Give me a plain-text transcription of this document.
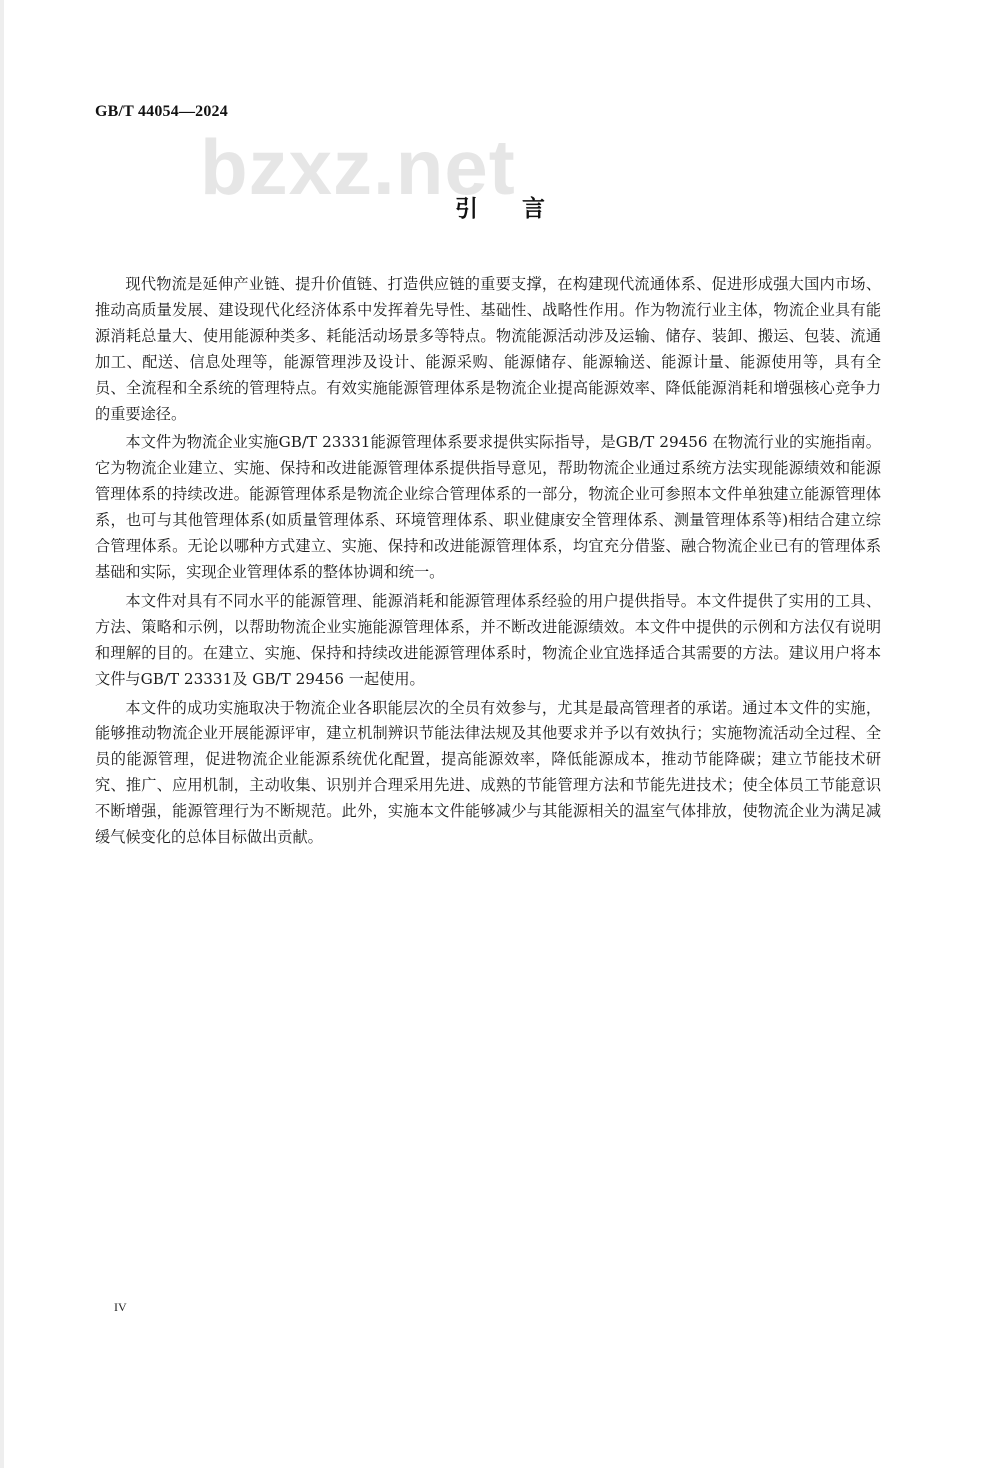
GB/T 44054—2024
bzxz.net
引言

现代物流是延伸产业链、提升价值链、打造供应链的重要支撑，在构建现代流通体系、促进形成强大国内市场、推动高质量发展、建设现代化经济体系中发挥着先导性、基础性、战略性作用。作为物流行业主体，物流企业具有能源消耗总量大、使用能源种类多、耗能活动场景多等特点。物流能源活动涉及运输、储存、装卸、搬运、包装、流通加工、配送、信息处理等，能源管理涉及设计、能源采购、能源储存、能源输送、能源计量、能源使用等，具有全员、全流程和全系统的管理特点。有效实施能源管理体系是物流企业提高能源效率、降低能源消耗和增强核心竞争力的重要途径。

本文件为物流企业实施GB/T 23331能源管理体系要求提供实际指导，是GB/T 29456 在物流行业的实施指南。它为物流企业建立、实施、保持和改进能源管理体系提供指导意见，帮助物流企业通过系统方法实现能源绩效和能源管理体系的持续改进。能源管理体系是物流企业综合管理体系的一部分，物流企业可参照本文件单独建立能源管理体系，也可与其他管理体系(如质量管理体系、环境管理体系、职业健康安全管理体系、测量管理体系等)相结合建立综合管理体系。无论以哪种方式建立、实施、保持和改进能源管理体系，均宜充分借鉴、融合物流企业已有的管理体系基础和实际，实现企业管理体系的整体协调和统一。

本文件对具有不同水平的能源管理、能源消耗和能源管理体系经验的用户提供指导。本文件提供了实用的工具、方法、策略和示例，以帮助物流企业实施能源管理体系，并不断改进能源绩效。本文件中提供的示例和方法仅有说明和理解的目的。在建立、实施、保持和持续改进能源管理体系时，物流企业宜选择适合其需要的方法。建议用户将本文件与GB/T 23331及 GB/T 29456 一起使用。

本文件的成功实施取决于物流企业各职能层次的全员有效参与，尤其是最高管理者的承诺。通过本文件的实施，能够推动物流企业开展能源评审，建立机制辨识节能法律法规及其他要求并予以有效执行；实施物流活动全过程、全员的能源管理，促进物流企业能源系统优化配置，提高能源效率，降低能源成本，推动节能降碳；建立节能技术研究、推广、应用机制，主动收集、识别并合理采用先进、成熟的节能管理方法和节能先进技术；使全体员工节能意识不断增强，能源管理行为不断规范。此外，实施本文件能够减少与其能源相关的温室气体排放，使物流企业为满足减缓气候变化的总体目标做出贡献。

IV
